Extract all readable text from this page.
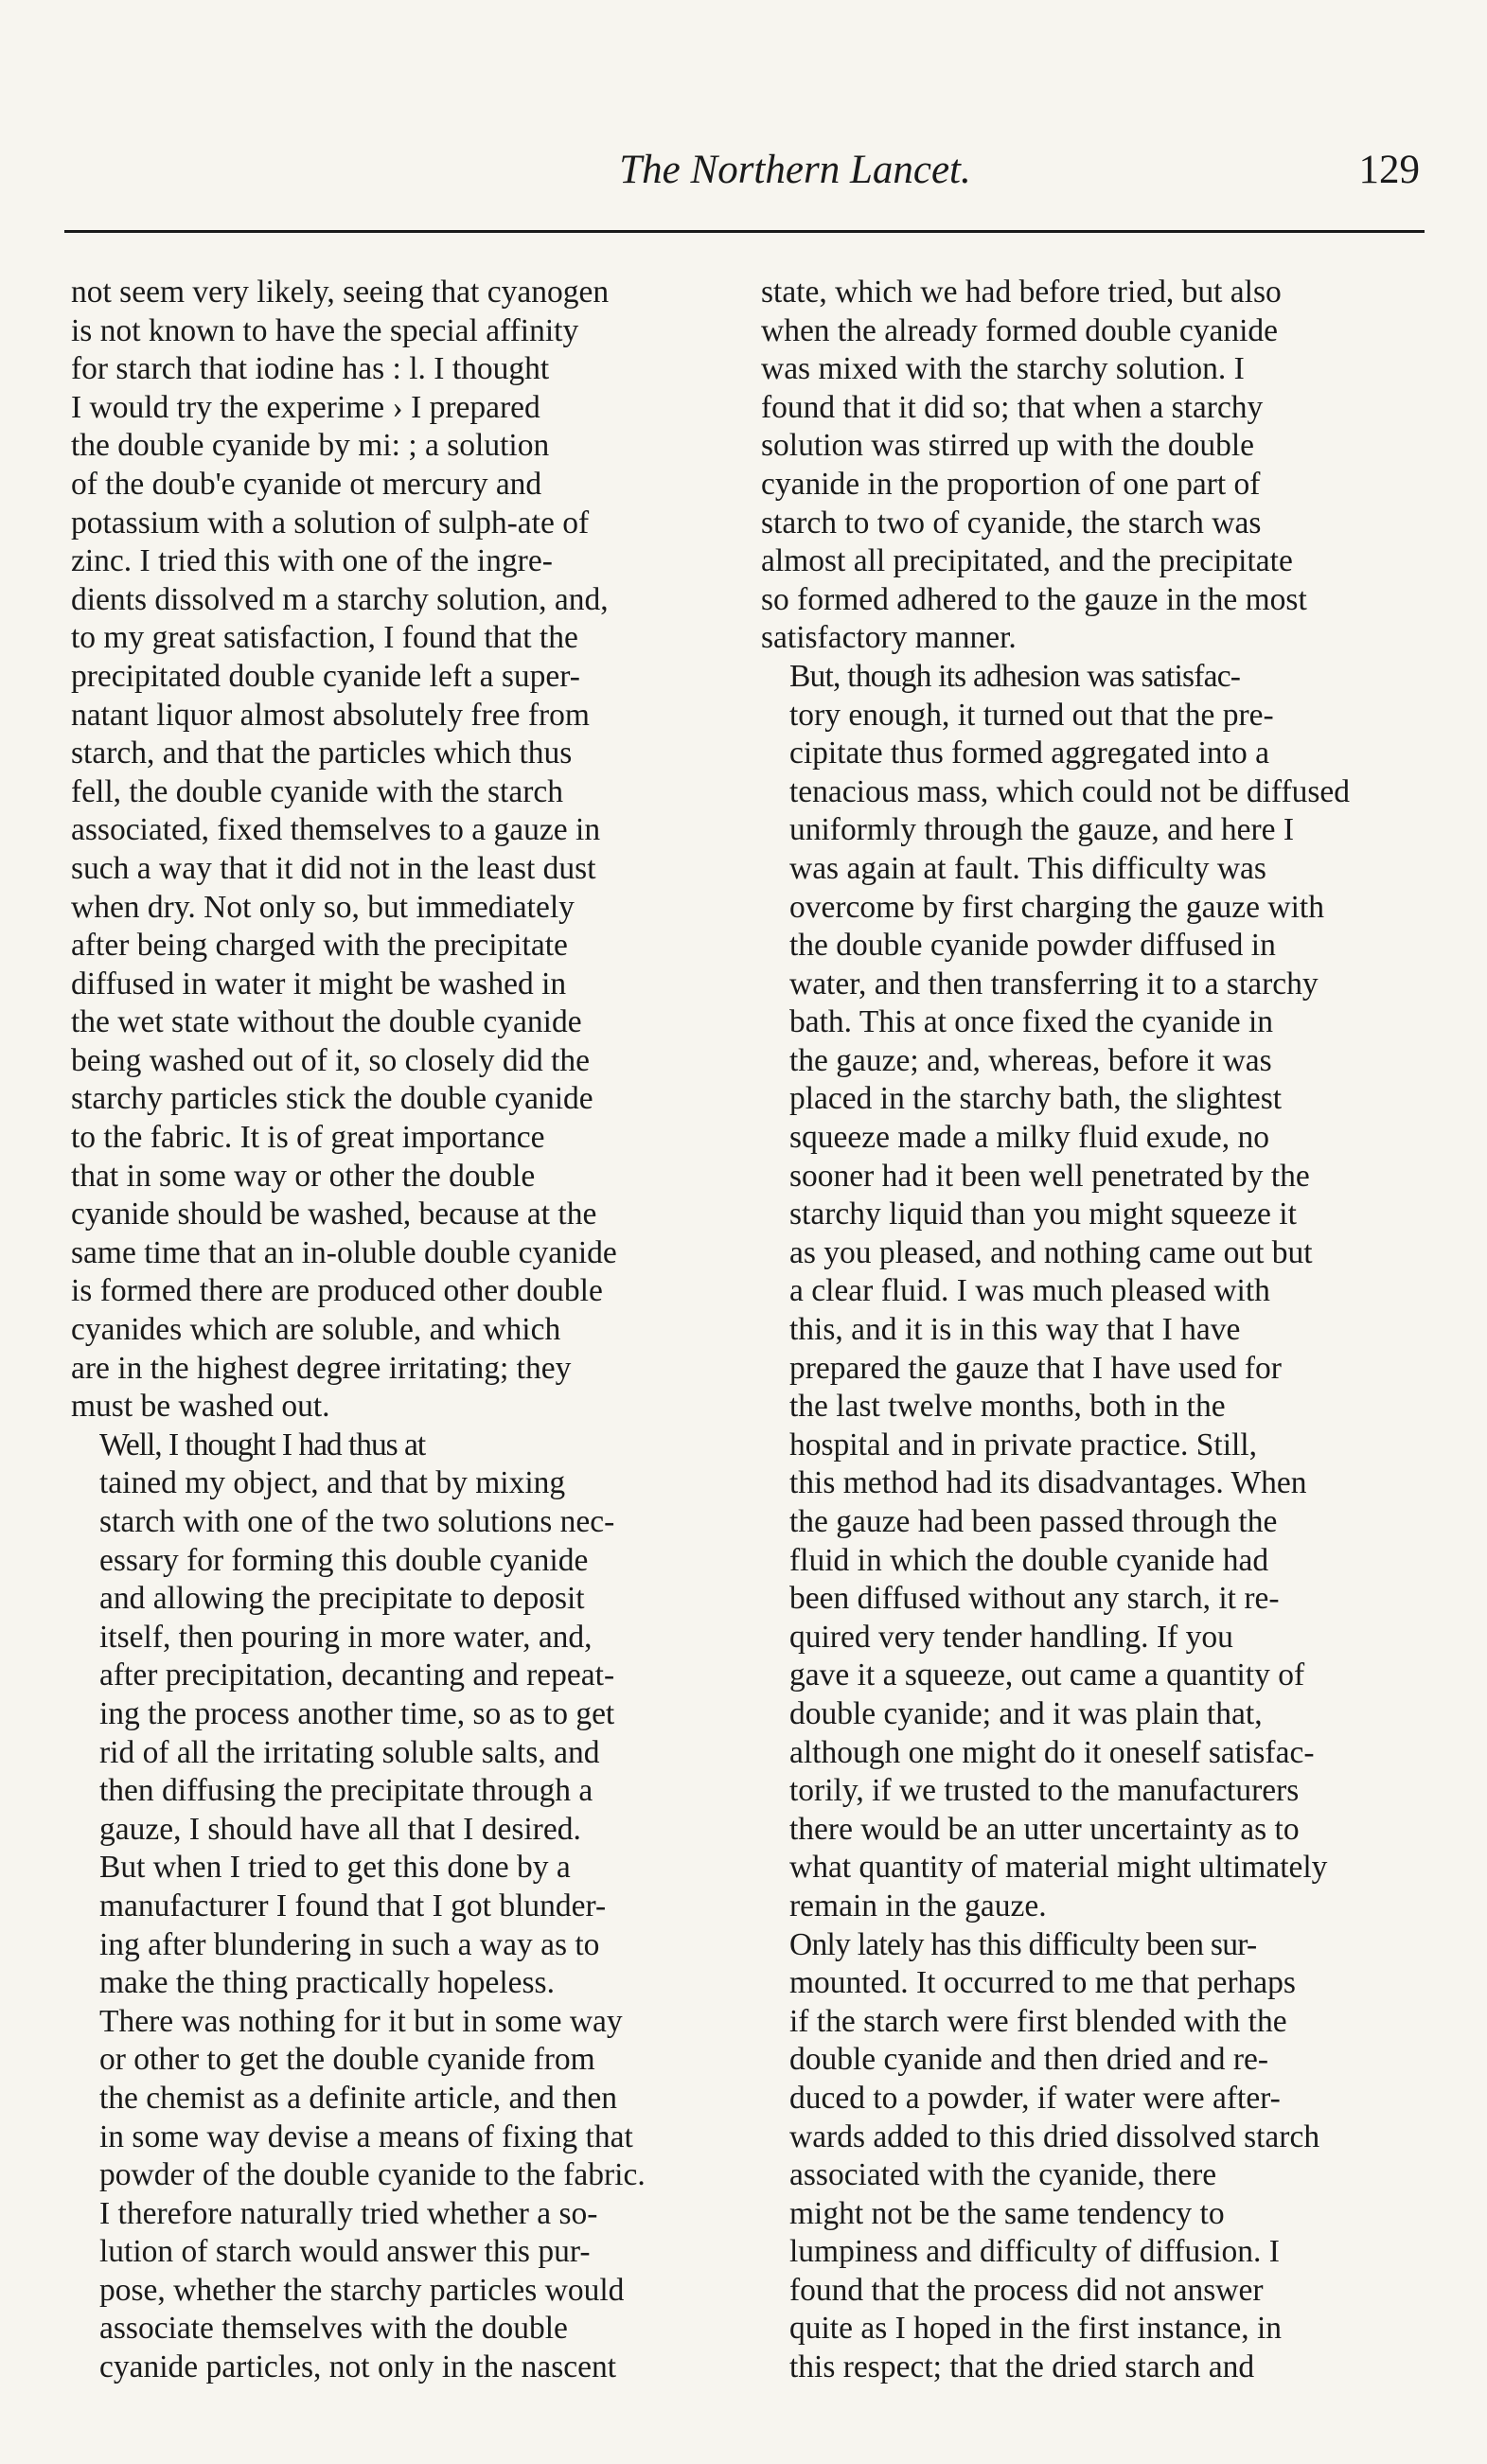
The Northern Lancet.	129
not seem very likely, seeing that cyanogen
is not known to have the special affinity
for starch that iodine has : l. I thought
I would try the experime › I prepared
the double cyanide by mi: ; a solution
of the doub'e cyanide ot mercury and
potassium with a solution of sulph-ate of
zinc. I tried this with one of the ingre-
dients dissolved m a starchy solution, and,
to my great satisfaction, I found that the
precipitated double cyanide left a super-
natant liquor almost absolutely free from
starch, and that the particles which thus
fell, the double cyanide with the starch
associated, fixed themselves to a gauze in
such a way that it did not in the least dust
when dry. Not only so, but immediately
after being charged with the precipitate
diffused in water it might be washed in
the wet state without the double cyanide
being washed out of it, so closely did the
starchy particles stick the double cyanide
to the fabric. It is of great importance
that in some way or other the double
cyanide should be washed, because at the
same time that an in-oluble double cyanide
is formed there are produced other double
cyanides which are soluble, and which
are in the highest degree irritating; they
must be washed out.
Well, I thought I had thus at
tained my object, and that by mixing
starch with one of the two solutions nec-
essary for forming this double cyanide
and allowing the precipitate to deposit
itself, then pouring in more water, and,
after precipitation, decanting and repeat-
ing the process another time, so as to get
rid of all the irritating soluble salts, and
then diffusing the precipitate through a
gauze, I should have all that I desired.
But when I tried to get this done by a
manufacturer I found that I got blunder-
ing after blundering in such a way as to
make the thing practically hopeless.
There was nothing for it but in some way
or other to get the double cyanide from
the chemist as a definite article, and then
in some way devise a means of fixing that
powder of the double cyanide to the fabric.
I therefore naturally tried whether a so-
lution of starch would answer this pur-
pose, whether the starchy particles would
associate themselves with the double
cyanide particles, not only in the nascent
state, which we had before tried, but also
when the already formed double cyanide
was mixed with the starchy solution. I
found that it did so; that when a starchy
solution was stirred up with the double
cyanide in the proportion of one part of
starch to two of cyanide, the starch was
almost all precipitated, and the precipitate
so formed adhered to the gauze in the most
satisfactory manner.
But, though its adhesion was satisfac-
tory enough, it turned out that the pre-
cipitate thus formed aggregated into a
tenacious mass, which could not be diffused
uniformly through the gauze, and here I
was again at fault. This difficulty was
overcome by first charging the gauze with
the double cyanide powder diffused in
water, and then transferring it to a starchy
bath. This at once fixed the cyanide in
the gauze; and, whereas, before it was
placed in the starchy bath, the slightest
squeeze made a milky fluid exude, no
sooner had it been well penetrated by the
starchy liquid than you might squeeze it
as you pleased, and nothing came out but
a clear fluid. I was much pleased with
this, and it is in this way that I have
prepared the gauze that I have used for
the last twelve months, both in the
hospital and in private practice. Still,
this method had its disadvantages. When
the gauze had been passed through the
fluid in which the double cyanide had
been diffused without any starch, it re-
quired very tender handling. If you
gave it a squeeze, out came a quantity of
double cyanide; and it was plain that,
although one might do it oneself satisfac-
torily, if we trusted to the manufacturers
there would be an utter uncertainty as to
what quantity of material might ultimately
remain in the gauze.
Only lately has this difficulty been sur-
mounted. It occurred to me that perhaps
if the starch were first blended with the
double cyanide and then dried and re-
duced to a powder, if water were after-
wards added to this dried dissolved starch
associated with the cyanide, there
might not be the same tendency to
lumpiness and difficulty of diffusion. I
found that the process did not answer
quite as I hoped in the first instance, in
this respect; that the dried starch and
